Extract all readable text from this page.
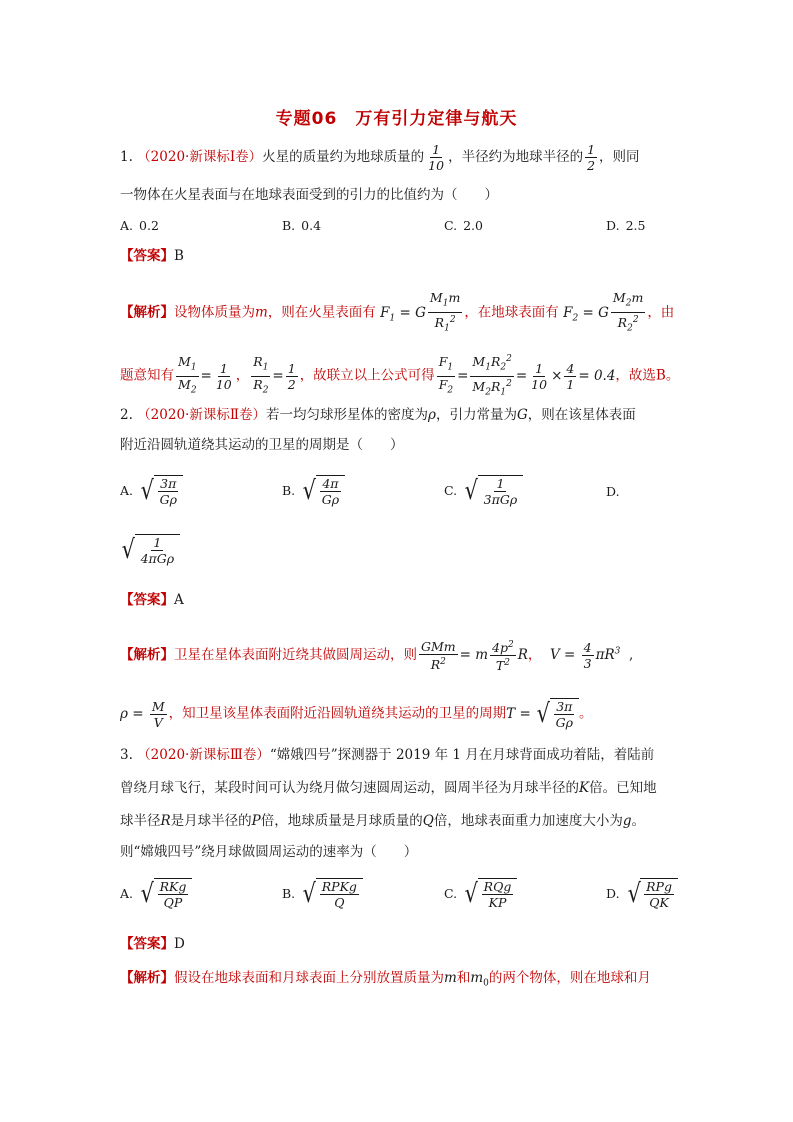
专题06　万有引力定律与航天
1. （2020·新课标Ⅰ卷）火星的质量约为地球质量的 $\frac{1}{10}$ ，半径约为地球半径的 $\frac{1}{2}$ ，则同
一物体在火星表面与在地球表面受到的引力的比值约为（　　）
A. 0.2	B. 0.4	C. 2.0	D. 2.5
【答案】B
【解析】设物体质量为m，则在火星表面有 $F_1 = G \frac{M_1m}{R_1^2}$ ，在地球表面有 $F_2 = G \frac{M_2m}{R_2^2}$ ，由
题意知有 $\frac{M_1}{M_2} = \frac{1}{10}$ ， $\frac{R_1}{R_2} = \frac{1}{2}$ ，故联立以上公式可得 $\frac{F_1}{F_2} = \frac{M_1R_2^2}{M_2R_1^2} = \frac{1}{10} \times \frac{4}{1} = 0.4$，故选B。
2. （2020·新课标Ⅱ卷）若一均匀球形星体的密度为ρ，引力常量为G，则在该星体表面
附近沿圆轨道绕其运动的卫星的周期是（　　）
A. √ $\frac{3\pi}{G\rho}$	B. √ $\frac{4\pi}{G\rho}$	C. √ $\frac{1}{\text{3πGρ}}$	D.
√ $\frac{1}{\text{4πGρ}}$
【答案】A
【解析】卫星在星体表面附近绕其做圆周运动，则 $\frac{\text{GMm}}{R^2} = m \frac{4p^2}{T^2}$ R， $V = \frac{4}{3} \pi R^3$  ,
$\rho = \frac{M}{V}$ ，知卫星该星体表面附近沿圆轨道绕其运动的卫星的周期T = √ $\frac{3\pi}{G\rho}$ 。
3. （2020·新课标Ⅲ卷）“嫦娥四号”探测器于 2019 年 1 月在月球背面成功着陆，着陆前
曾绕月球飞行，某段时间可认为绕月做匀速圆周运动，圆周半径为月球半径的K倍。已知地
球半径R是月球半径的P倍，地球质量是月球质量的Q倍，地球表面重力加速度大小为g。
则“嫦娥四号”绕月球做圆周运动的速率为（　　）
A. √ $\frac{\text{RKg}}{QP}$	B. √ $\frac{\text{RPKg}}{Q}$	C. √ $\frac{\text{RQg}}{KP}$	D. √ $\frac{\text{RPg}}{QK}$
【答案】D
【解析】假设在地球表面和月球表面上分别放置质量为m和$m_0$的两个物体，则在地球和月
